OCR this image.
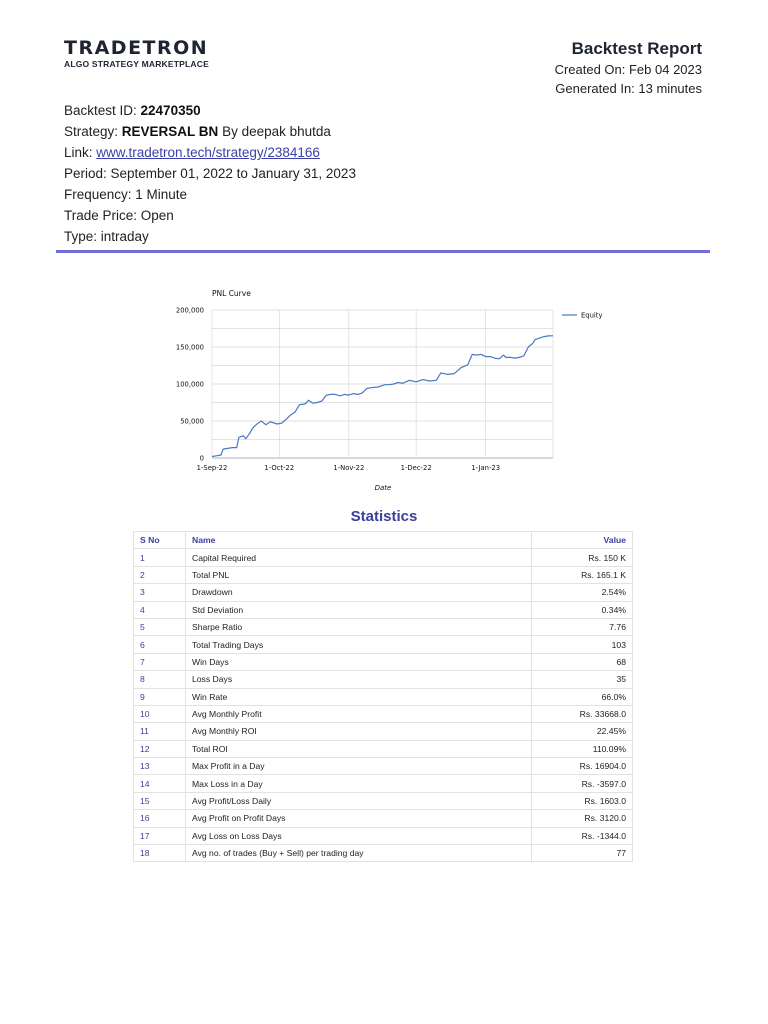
TRADETRON
ALGO STRATEGY MARKETPLACE
Backtest Report
Created On: Feb 04 2023
Generated In: 13 minutes
Backtest ID: 22470350
Strategy: REVERSAL BN By deepak bhutda
Link: www.tradetron.tech/strategy/2384166
Period: September 01, 2022 to January 31, 2023
Frequency: 1 Minute
Trade Price: Open
Type: intraday
PNL Curve
0
50,000
100,000
150,000
200,000
1-Sep-22	1-Oct-22	1-Nov-22	1-Dec-22	1-Jan-23
Equity
Date
Statistics
S No	Name	Value
1	Capital Required	Rs. 150 K
2	Total PNL	Rs. 165.1 K
3	Drawdown	2.54%
4	Std Deviation	0.34%
5	Sharpe Ratio	7.76
6	Total Trading Days	103
7	Win Days	68
8	Loss Days	35
9	Win Rate	66.0%
10	Avg Monthly Profit	Rs. 33668.0
11	Avg Monthly ROI	22.45%
12	Total ROI	110.09%
13	Max Profit in a Day	Rs. 16904.0
14	Max Loss in a Day	Rs. -3597.0
15	Avg Profit/Loss Daily	Rs. 1603.0
16	Avg Profit on Profit Days	Rs. 3120.0
17	Avg Loss on Loss Days	Rs. -1344.0
18	Avg no. of trades (Buy + Sell) per trading day	77
